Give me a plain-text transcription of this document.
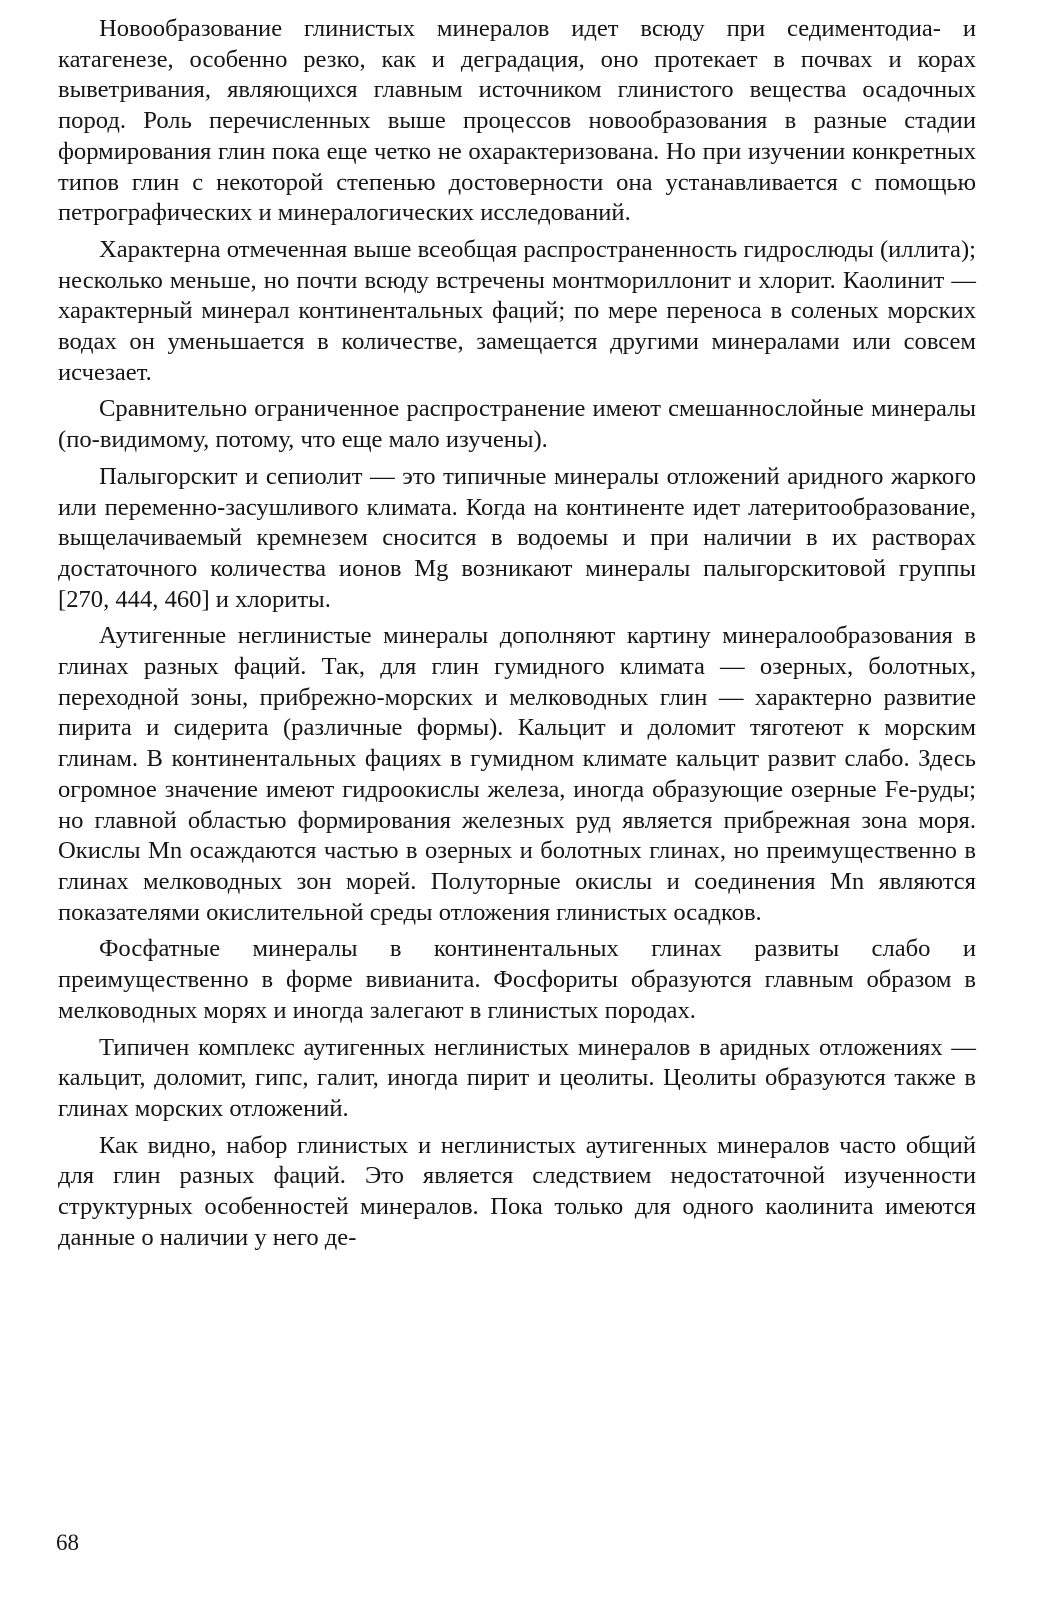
Новообразование глинистых минералов идет всюду при седиментодиа- и катагенезе, особенно резко, как и деградация, оно протекает в почвах и корах выветривания, являющихся главным источником глинистого вещества осадочных пород. Роль перечисленных выше процессов новообразования в разные стадии формирования глин пока еще четко не охарактеризована. Но при изучении конкретных типов глин с некоторой степенью достоверности она устанавливается с помощью петрографических и минералогических исследований.

Характерна отмеченная выше всеобщая распространенность гидрослюды (иллита); несколько меньше, но почти всюду встречены монтмориллонит и хлорит. Каолинит — характерный минерал континентальных фаций; по мере переноса в соленых морских водах он уменьшается в количестве, замещается другими минералами или совсем исчезает.

Сравнительно ограниченное распространение имеют смешаннослойные минералы (по-видимому, потому, что еще мало изучены).

Палыгорскит и сепиолит — это типичные минералы отложений аридного жаркого или переменно-засушливого климата. Когда на континенте идет латеритообразование, выщелачиваемый кремнезем сносится в водоемы и при наличии в их растворах достаточного количества ионов Mg возникают минералы палыгорскитовой группы [270, 444, 460] и хлориты.

Аутигенные неглинистые минералы дополняют картину минералообразования в глинах разных фаций. Так, для глин гумидного климата — озерных, болотных, переходной зоны, прибрежно-морских и мелководных глин — характерно развитие пирита и сидерита (различные формы). Кальцит и доломит тяготеют к морским глинам. В континентальных фациях в гумидном климате кальцит развит слабо. Здесь огромное значение имеют гидроокислы железа, иногда образующие озерные Fe-руды; но главной областью формирования железных руд является прибрежная зона моря. Окислы Mn осаждаются частью в озерных и болотных глинах, но преимущественно в глинах мелководных зон морей. Полуторные окислы и соединения Mn являются показателями окислительной среды отложения глинистых осадков.

Фосфатные минералы в континентальных глинах развиты слабо и преимущественно в форме вивианита. Фосфориты образуются главным образом в мелководных морях и иногда залегают в глинистых породах.

Типичен комплекс аутигенных неглинистых минералов в аридных отложениях — кальцит, доломит, гипс, галит, иногда пирит и цеолиты. Цеолиты образуются также в глинах морских отложений.

Как видно, набор глинистых и неглинистых аутигенных минералов часто общий для глин разных фаций. Это является следствием недостаточной изученности структурных особенностей минералов. Пока только для одного каолинита имеются данные о наличии у него де-

68
